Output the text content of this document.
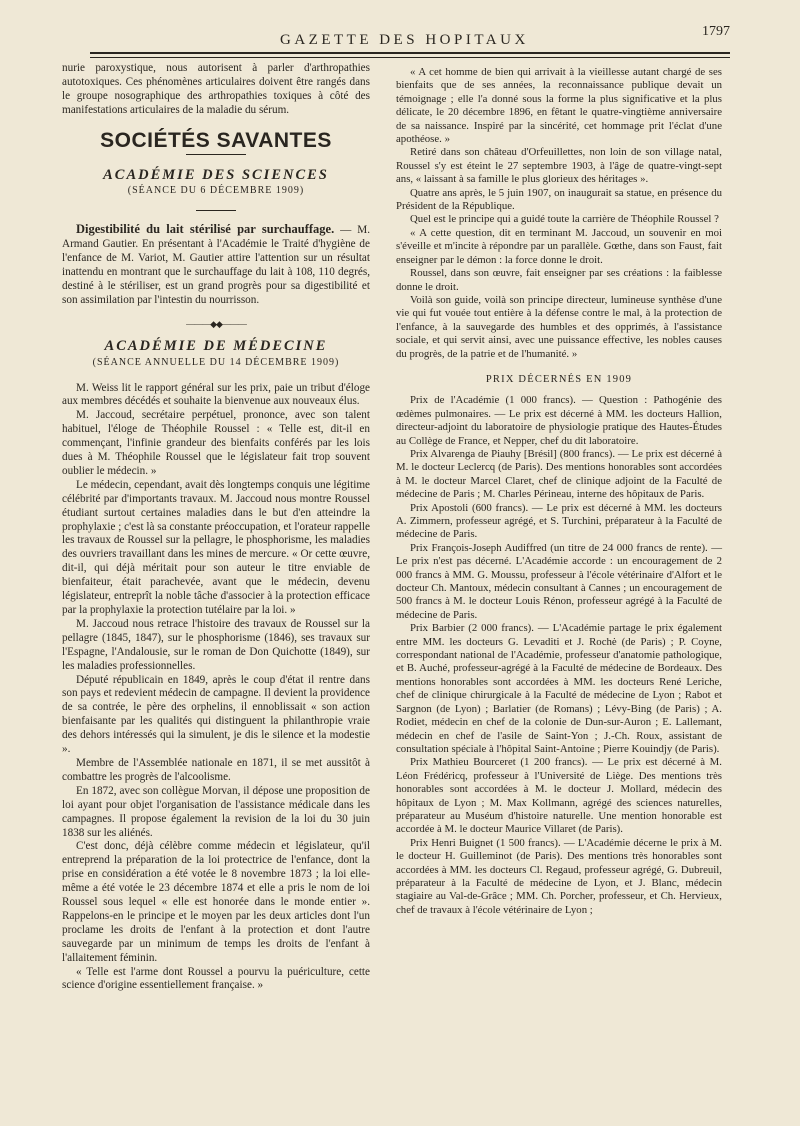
GAZETTE DES HOPITAUX
1797

nurie paroxystique, nous autorisent à parler d'arthropathies autotoxiques. Ces phénomènes articulaires doivent être rangés dans le groupe nosographique des arthropathies toxiques à côté des manifestations articulaires de la maladie du sérum.

SOCIÉTÉS SAVANTES
ACADÉMIE DES SCIENCES
(SÉANCE DU 6 DÉCEMBRE 1909)

Digestibilité du lait stérilisé par surchauffage. — M. Armand Gautier. En présentant à l'Académie le Traité d'hygiène de l'enfance de M. Variot, M. Gautier attire l'attention sur un résultat inattendu en montrant que le surchauffage du lait à 108, 110 degrés, destiné à le stériliser, est un grand progrès pour sa digestibilité et son assimilation par l'intestin du nourrisson.

———◆◆———
ACADÉMIE DE MÉDECINE
(SÉANCE ANNUELLE DU 14 DÉCEMBRE 1909)

M. Weiss lit le rapport général sur les prix, paie un tribut d'éloge aux membres décédés et souhaite la bienvenue aux nouveaux élus.

M. Jaccoud, secrétaire perpétuel, prononce, avec son talent habituel, l'éloge de Théophile Roussel : « Telle est, dit-il en commençant, l'infinie grandeur des bienfaits conférés par les lois dues à M. Théophile Roussel que le législateur fait trop souvent oublier le médecin. »

Le médecin, cependant, avait dès longtemps conquis une légitime célébrité par d'importants travaux. M. Jaccoud nous montre Roussel étudiant surtout certaines maladies dans le but d'en atteindre la prophylaxie ; c'est là sa constante préoccupation, et l'orateur rappelle les travaux de Roussel sur la pellagre, le phosphorisme, les maladies des ouvriers travaillant dans les mines de mercure. « Or cette œuvre, dit-il, qui déjà méritait pour son auteur le titre enviable de bienfaiteur, était parachevée, avant que le médecin, devenu législateur, entreprît la noble tâche d'associer à la protection efficace par la prophylaxie la protection tutélaire par la loi. »

M. Jaccoud nous retrace l'histoire des travaux de Roussel sur la pellagre (1845, 1847), sur le phosphorisme (1846), ses travaux sur l'Espagne, l'Andalousie, sur le roman de Don Quichotte (1849), sur les maladies professionnelles.

Député républicain en 1849, après le coup d'état il rentre dans son pays et redevient médecin de campagne. Il devient la providence de sa contrée, le père des orphelins, il ennoblissait « son action bienfaisante par les qualités qui distinguent la philanthropie vraie des dehors intéressés qui la simulent, je dis le silence et la modestie ».

Membre de l'Assemblée nationale en 1871, il se met aussitôt à combattre les progrès de l'alcoolisme.

En 1872, avec son collègue Morvan, il dépose une proposition de loi ayant pour objet l'organisation de l'assistance médicale dans les campagnes. Il propose également la revision de la loi du 30 juin 1838 sur les aliénés.

C'est donc, déjà célèbre comme médecin et législateur, qu'il entreprend la préparation de la loi protectrice de l'enfance, dont la prise en considération a été votée le 8 novembre 1873 ; la loi elle-même a été votée le 23 décembre 1874 et elle a pris le nom de loi Roussel sous lequel « elle est honorée dans le monde entier ». Rappelons-en le principe et le moyen par les deux articles dont l'un proclame les droits de l'enfant à la protection et dont l'autre sauvegarde par un minimum de temps les droits de l'enfant à l'allaitement féminin.

« Telle est l'arme dont Roussel a pourvu la puériculture, cette science d'origine essentiellement française. »

« A cet homme de bien qui arrivait à la vieillesse autant chargé de ses bienfaits que de ses années, la reconnaissance publique devait un témoignage ; elle l'a donné sous la forme la plus significative et la plus délicate, le 20 décembre 1896, en fêtant le quatre-vingtième anniversaire de sa naissance. Inspiré par la sincérité, cet hommage prit l'éclat d'une apothéose. »

Retiré dans son château d'Orfeuillettes, non loin de son village natal, Roussel s'y est éteint le 27 septembre 1903, à l'âge de quatre-vingt-sept ans, « laissant à sa famille le plus glorieux des héritages ».

Quatre ans après, le 5 juin 1907, on inaugurait sa statue, en présence du Président de la République.

Quel est le principe qui a guidé toute la carrière de Théophile Roussel ?

« A cette question, dit en terminant M. Jaccoud, un souvenir en moi s'éveille et m'incite à répondre par un parallèle. Gœthe, dans son Faust, fait enseigner par le démon : la force donne le droit.

Roussel, dans son œuvre, fait enseigner par ses créations : la faiblesse donne le droit.

Voilà son guide, voilà son principe directeur, lumineuse synthèse d'une vie qui fut vouée tout entière à la défense contre le mal, à la protection de l'enfance, à la sauvegarde des humbles et des opprimés, à l'assistance sociale, et qui servit ainsi, avec une puissance effective, les nobles causes du progrès, de la patrie et de l'humanité. »

PRIX DÉCERNÉS EN 1909

Prix de l'Académie (1 000 francs). — Question : Pathogénie des œdèmes pulmonaires. — Le prix est décerné à MM. les docteurs Hallion, directeur-adjoint du laboratoire de physiologie pratique des Hautes-Études au Collège de France, et Nepper, chef du dit laboratoire.

Prix Alvarenga de Piauhy [Brésil] (800 francs). — Le prix est décerné à M. le docteur Leclercq (de Paris). Des mentions honorables sont accordées à M. le docteur Marcel Claret, chef de clinique adjoint de la Faculté de médecine de Paris ; M. Charles Périneau, interne des hôpitaux de Paris.

Prix Apostoli (600 francs). — Le prix est décerné à MM. les docteurs A. Zimmern, professeur agrégé, et S. Turchini, préparateur à la Faculté de médecine de Paris.

Prix François-Joseph Audiffred (un titre de 24 000 francs de rente). — Le prix n'est pas décerné. L'Académie accorde : un encouragement de 2 000 francs à MM. G. Moussu, professeur à l'école vétérinaire d'Alfort et le docteur Ch. Mantoux, médecin consultant à Cannes ; un encouragement de 500 francs à M. le docteur Louis Rénon, professeur agrégé à la Faculté de médecine de Paris.

Prix Barbier (2 000 francs). — L'Académie partage le prix également entre MM. les docteurs G. Levaditi et J. Rochė (de Paris) ; P. Coyne, correspondant national de l'Académie, professeur d'anatomie pathologique, et B. Auché, professeur-agrégé à la Faculté de médecine de Bordeaux. Des mentions honorables sont accordées à MM. les docteurs René Leriche, chef de clinique chirurgicale à la Faculté de médecine de Lyon ; Rabot et Sargnon (de Lyon) ; Barlatier (de Romans) ; Lévy-Bing (de Paris) ; A. Rodiet, médecin en chef de la colonie de Dun-sur-Auron ; E. Lallemant, médecin en chef de l'asile de Saint-Yon ; J.-Ch. Roux, assistant de consultation spéciale à l'hôpital Saint-Antoine ; Pierre Kouindjy (de Paris).

Prix Mathieu Bourceret (1 200 francs). — Le prix est décerné à M. Léon Frédéricq, professeur à l'Université de Liège. Des mentions très honorables sont accordées à M. le docteur J. Mollard, médecin des hôpitaux de Lyon ; M. Max Kollmann, agrégé des sciences naturelles, préparateur au Muséum d'histoire naturelle. Une mention honorable est accordée à M. le docteur Maurice Villaret (de Paris).

Prix Henri Buignet (1 500 francs). — L'Académie décerne le prix à M. le docteur H. Guilleminot (de Paris). Des mentions très honorables sont accordées à MM. les docteurs Cl. Regaud, professeur agrégé, G. Dubreuil, préparateur à la Faculté de médecine de Lyon, et J. Blanc, médecin stagiaire au Val-de-Grâce ; MM. Ch. Porcher, professeur, et Ch. Hervieux, chef de travaux à l'école vétérinaire de Lyon ;
